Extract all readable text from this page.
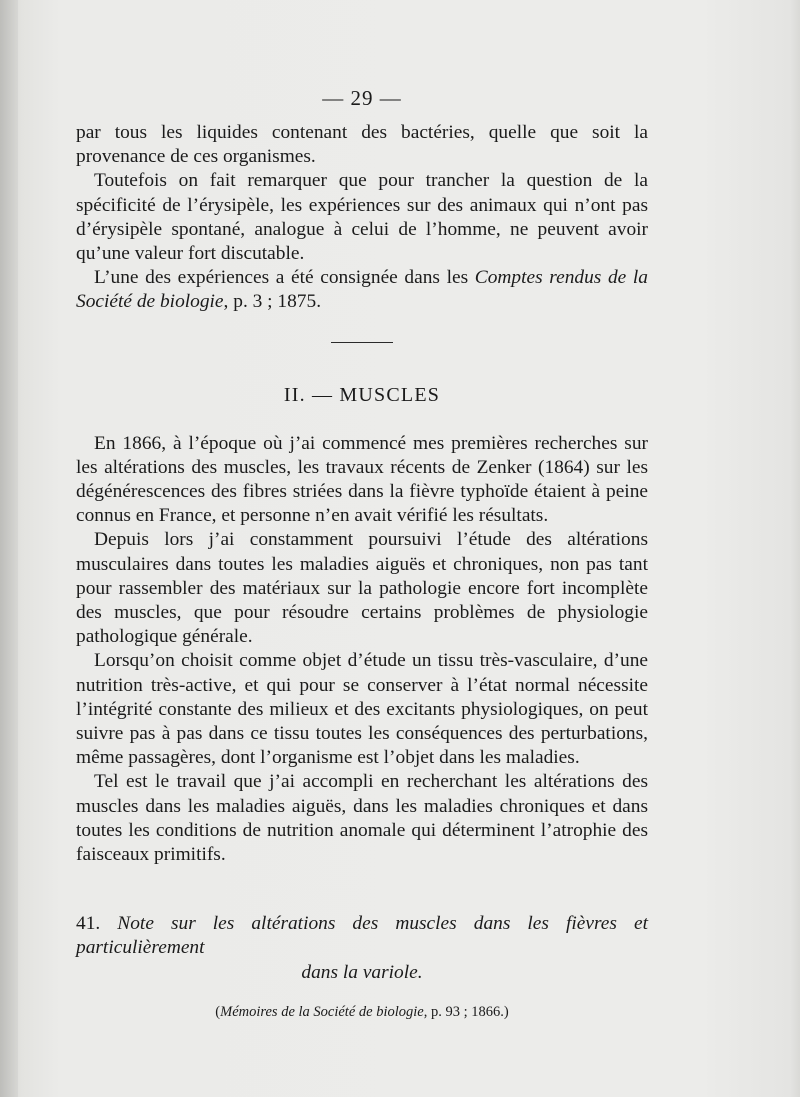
— 29 —

par tous les liquides contenant des bactéries, quelle que soit la provenance de ces organismes.

Toutefois on fait remarquer que pour trancher la question de la spécificité de l’érysipèle, les expériences sur des animaux qui n’ont pas d’érysipèle spontané, analogue à celui de l’homme, ne peuvent avoir qu’une valeur fort discutable.

L’une des expériences a été consignée dans les Comptes rendus de la Société de biologie, p. 3 ; 1875.

II. — MUSCLES

En 1866, à l’époque où j’ai commencé mes premières recherches sur les altérations des muscles, les travaux récents de Zenker (1864) sur les dégénérescences des fibres striées dans la fièvre typhoïde étaient à peine connus en France, et personne n’en avait vérifié les résultats.

Depuis lors j’ai constamment poursuivi l’étude des altérations musculaires dans toutes les maladies aiguës et chroniques, non pas tant pour rassembler des matériaux sur la pathologie encore fort incomplète des muscles, que pour résoudre certains problèmes de physiologie pathologique générale.

Lorsqu’on choisit comme objet d’étude un tissu très-vasculaire, d’une nutrition très-active, et qui pour se conserver à l’état normal nécessite l’intégrité constante des milieux et des excitants physiologiques, on peut suivre pas à pas dans ce tissu toutes les conséquences des perturbations, même passagères, dont l’organisme est l’objet dans les maladies.

Tel est le travail que j’ai accompli en recherchant les altérations des muscles dans les maladies aiguës, dans les maladies chroniques et dans toutes les conditions de nutrition anomale qui déterminent l’atrophie des faisceaux primitifs.

41. Note sur les altérations des muscles dans les fièvres et particulièrement

dans la variole.
(Mémoires de la Société de biologie, p. 93 ; 1866.)
